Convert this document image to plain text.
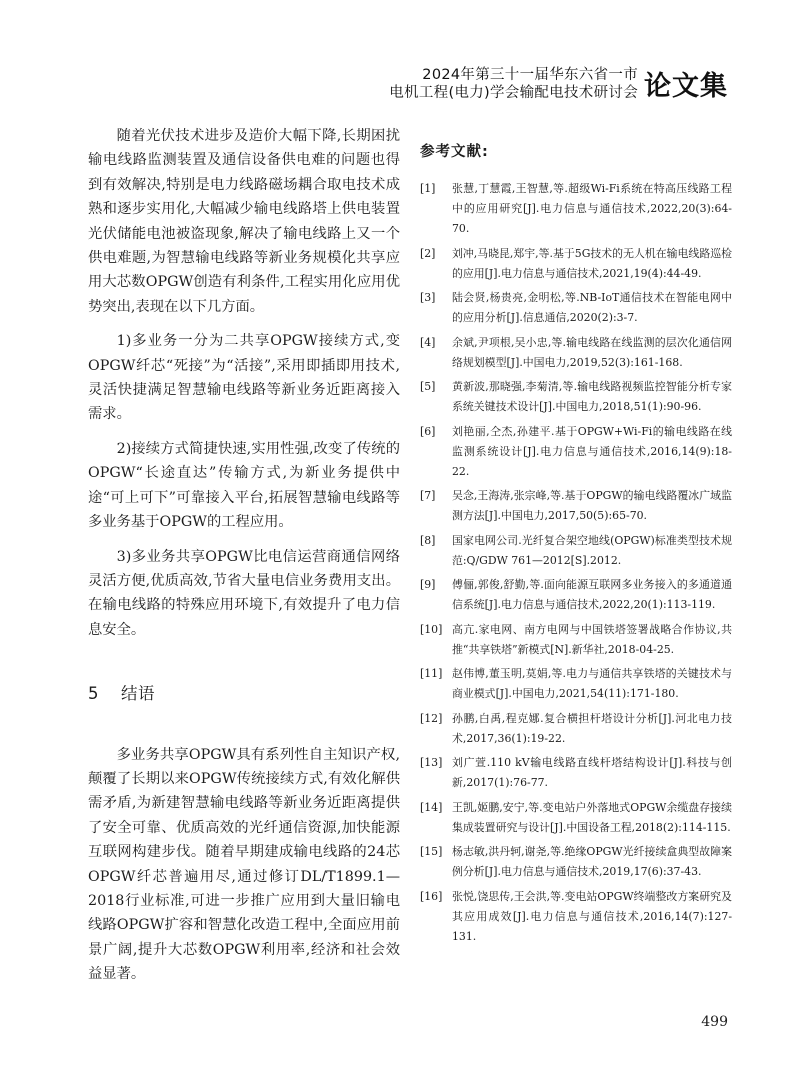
2024年第三十一届华东六省一市
电机工程(电力)学会输配电技术研讨会 论文集

随着光伏技术进步及造价大幅下降,长期困扰输电线路监测装置及通信设备供电难的问题也得到有效解决,特别是电力线路磁场耦合取电技术成熟和逐步实用化,大幅减少输电线路塔上供电装置光伏储能电池被盗现象,解决了输电线路上又一个供电难题,为智慧输电线路等新业务规模化共享应用大芯数OPGW创造有利条件,工程实用化应用优势突出,表现在以下几方面。

1)多业务一分为二共享OPGW接续方式,变OPGW纤芯“死接”为“活接”,采用即插即用技术,灵活快捷满足智慧输电线路等新业务近距离接入需求。

2)接续方式简捷快速,实用性强,改变了传统的OPGW“长途直达”传输方式,为新业务提供中途“可上可下”可靠接入平台,拓展智慧输电线路等多业务基于OPGW的工程应用。

3)多业务共享OPGW比电信运营商通信网络灵活方便,优质高效,节省大量电信业务费用支出。在输电线路的特殊应用环境下,有效提升了电力信息安全。

5 结语

多业务共享OPGW具有系列性自主知识产权,颠覆了长期以来OPGW传统接续方式,有效化解供需矛盾,为新建智慧输电线路等新业务近距离提供了安全可靠、优质高效的光纤通信资源,加快能源互联网构建步伐。随着早期建成输电线路的24芯OPGW纤芯普遍用尽,通过修订DL/T1899.1—2018行业标准,可进一步推广应用到大量旧输电线路OPGW扩容和智慧化改造工程中,全面应用前景广阔,提升大芯数OPGW利用率,经济和社会效益显著。

参考文献:
[1] 张慧,丁慧霞,王智慧,等.超级Wi-Fi系统在特高压线路工程中的应用研究[J].电力信息与通信技术,2022,20(3):64-70.
[2] 刘冲,马晓昆,郑宇,等.基于5G技术的无人机在输电线路巡检的应用[J].电力信息与通信技术,2021,19(4):44-49.
[3] 陆会贤,杨贵亮,金明松,等.NB-IoT通信技术在智能电网中的应用分析[J].信息通信,2020(2):3-7.
[4] 余斌,尹项根,吴小忠,等.输电线路在线监测的层次化通信网络规划模型[J].中国电力,2019,52(3):161-168.
[5] 黄新波,那晓强,李菊清,等.输电线路视频监控智能分析专家系统关键技术设计[J].中国电力,2018,51(1):90-96.
[6] 刘艳丽,仝杰,孙建平.基于OPGW+Wi-Fi的输电线路在线监测系统设计[J].电力信息与通信技术,2016,14(9):18-22.
[7] 吴念,王海涛,张宗峰,等.基于OPGW的输电线路覆冰广域监测方法[J].中国电力,2017,50(5):65-70.
[8] 国家电网公司.光纤复合架空地线(OPGW)标准类型技术规范:Q/GDW 761—2012[S].2012.
[9] 傅俪,郭俊,舒勤,等.面向能源互联网多业务接入的多通道通信系统[J].电力信息与通信技术,2022,20(1):113-119.
[10] 高亢.家电网、南方电网与中国铁塔签署战略合作协议,共推“共享铁塔”新模式[N].新华社,2018-04-25.
[11] 赵伟博,董玉明,莫娟,等.电力与通信共享铁塔的关键技术与商业模式[J].中国电力,2021,54(11):171-180.
[12] 孙鹏,白禹,程克娜.复合横担杆塔设计分析[J].河北电力技术,2017,36(1):19-22.
[13] 刘广萱.110 kV输电线路直线杆塔结构设计[J].科技与创新,2017(1):76-77.
[14] 王凯,姬鹏,安宁,等.变电站户外落地式OPGW余缆盘存接续集成装置研究与设计[J].中国设备工程,2018(2):114-115.
[15] 杨志敏,洪丹轲,谢尧,等.绝缘OPGW光纤接续盒典型故障案例分析[J].电力信息与通信技术,2019,17(6):37-43.
[16] 张悦,饶思传,王会洪,等.变电站OPGW终端整改方案研究及其应用成效[J].电力信息与通信技术,2016,14(7):127-131.
499
